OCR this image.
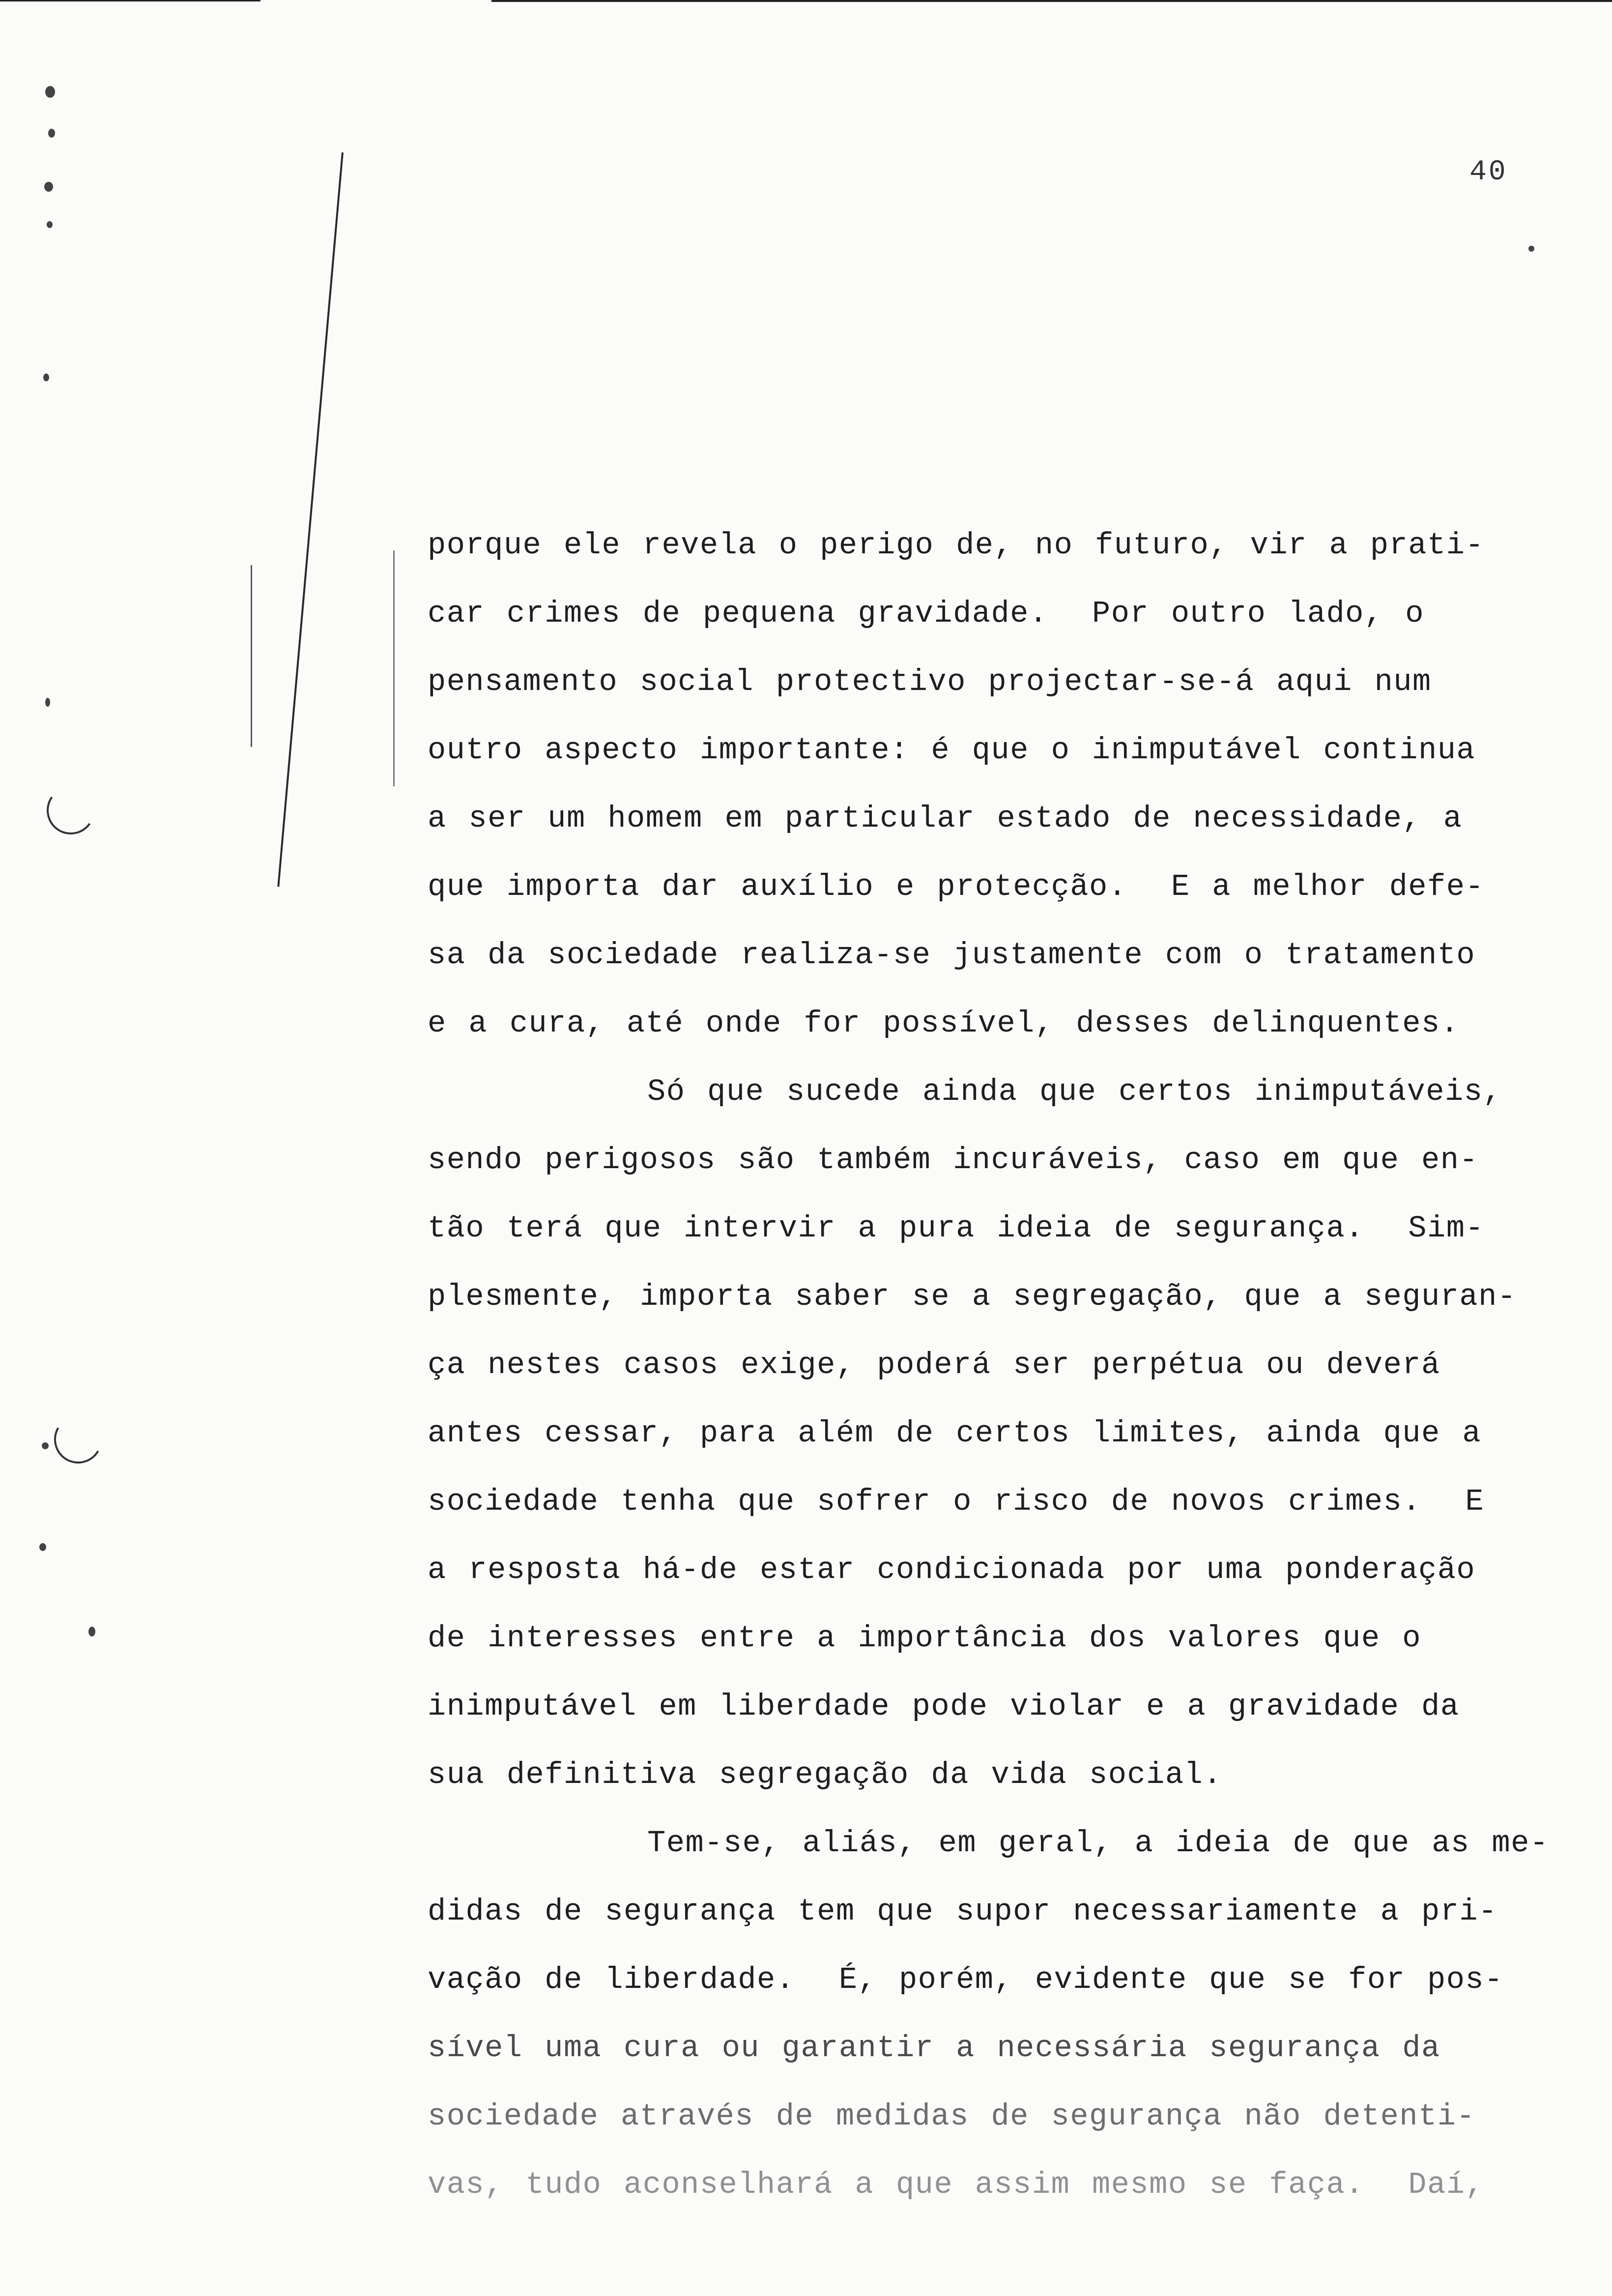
40
porque ele revela o perigo de, no futuro, vir a prati-
car crimes de pequena gravidade.  Por outro lado, o
pensamento social protectivo projectar-se-á aqui num
outro aspecto importante: é que o inimputável continua
a ser um homem em particular estado de necessidade, a
que importa dar auxílio e protecção.  E a melhor defe-
sa da sociedade realiza-se justamente com o tratamento
e a cura, até onde for possível, desses delinquentes.
Só que sucede ainda que certos inimputáveis,
sendo perigosos são também incuráveis, caso em que en-
tão terá que intervir a pura ideia de segurança.  Sim-
plesmente, importa saber se a segregação, que a seguran-
ça nestes casos exige, poderá ser perpétua ou deverá
antes cessar, para além de certos limites, ainda que a
sociedade tenha que sofrer o risco de novos crimes.  E
a resposta há-de estar condicionada por uma ponderação
de interesses entre a importância dos valores que o
inimputável em liberdade pode violar e a gravidade da
sua definitiva segregação da vida social.
Tem-se, aliás, em geral, a ideia de que as me-
didas de segurança tem que supor necessariamente a pri-
vação de liberdade.  É, porém, evidente que se for pos-
sível uma cura ou garantir a necessária segurança da
sociedade através de medidas de segurança não detenti-
vas, tudo aconselhará a que assim mesmo se faça.  Daí,
